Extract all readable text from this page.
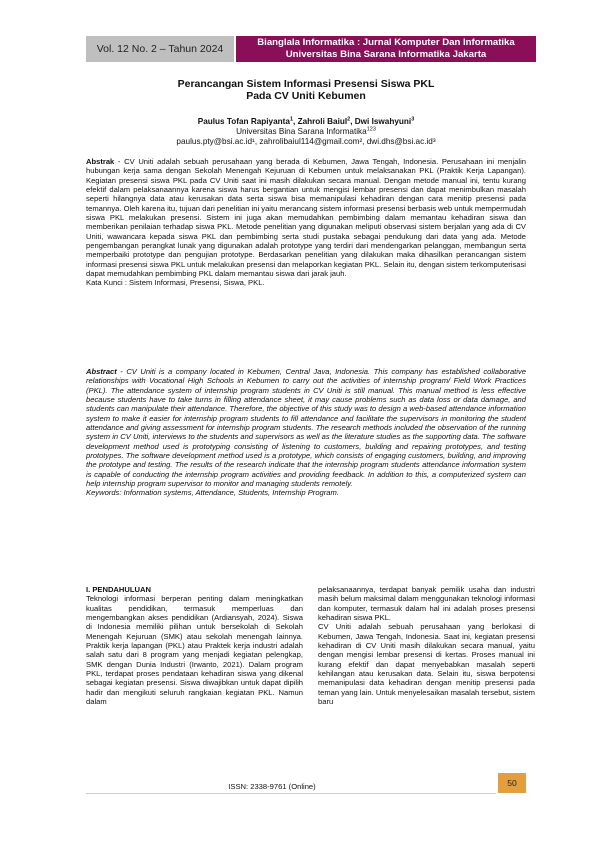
Vol. 12 No. 2 – Tahun 2024
Bianglala Informatika : Jurnal Komputer Dan Informatika
Universitas Bina Sarana Informatika Jakarta
Perancangan Sistem Informasi Presensi Siswa PKL
Pada CV Uniti Kebumen
Paulus Tofan Rapiyanta$^1$, Zahroli Baiul$^2$, Dwi Iswahyuni$^3$
Universitas Bina Sarana Informatika$^{123}$
paulus.pty@bsi.ac.id¹, zahrolibaiul114@gmail.com², dwi.dhs@bsi.ac.id³
Abstrak - CV Uniti adalah sebuah perusahaan yang berada di Kebumen, Jawa Tengah, Indonesia. Perusahaan ini menjalin hubungan kerja sama dengan Sekolah Menengah Kejuruan di Kebumen untuk melaksanakan PKL (Praktik Kerja Lapangan). Kegiatan presensi siswa PKL pada CV Uniti saat ini masih dilakukan secara manual. Dengan metode manual ini, tentu kurang efektif dalam pelaksanaannya karena siswa harus bergantian untuk mengisi lembar presensi dan dapat menimbulkan masalah seperti hilangnya data atau kerusakan data serta siswa bisa memanipulasi kehadiran dengan cara menitip presensi pada temannya. Oleh karena itu, tujuan dari penelitian ini yaitu merancang sistem informasi presensi berbasis web untuk mempermudah siswa PKL melakukan presensi. Sistem ini juga akan memudahkan pembimbing dalam memantau kehadiran siswa dan memberikan penilaian terhadap siswa PKL. Metode penelitian yang digunakan meliputi observasi sistem berjalan yang ada di CV Uniti, wawancara kepada siswa PKL dan pembimbing serta studi pustaka sebagai pendukung dari data yang ada. Metode pengembangan perangkat lunak yang digunakan adalah prototype yang terdiri dari mendengarkan pelanggan, membangun serta memperbaiki prototype dan pengujian prototype. Berdasarkan penelitian yang dilakukan maka dihasilkan perancangan sistem informasi presensi siswa PKL untuk melakukan presensi dan melaporkan kegiatan PKL. Selain itu, dengan sistem terkomputerisasi dapat memudahkan pembimbing PKL dalam memantau siswa dari jarak jauh.
Kata Kunci : Sistem Informasi, Presensi, Siswa, PKL.
Abstract - CV Uniti is a company located in Kebumen, Central Java, Indonesia. This company has established collaborative relationships with Vocational High Schools in Kebumen to carry out the activities of internship program/ Field Work Practices (PKL). The attendance system of internship program students in CV Uniti is still manual. This manual method is less effective because students have to take turns in filling attendance sheet, it may cause problems such as data loss or data damage, and students can manipulate their attendance. Therefore, the objective of this study was to design a web-based attendance information system to make it easier for internship program students to fill attendance and facilitate the supervisors in monitoring the student attendance and giving assessment for internship program students. The research methods included the observation of the running system in CV Uniti, interviews to the students and supervisors as well as the literature studies as the supporting data. The software development method used is prototyping consisting of listening to customers, building and repairing prototypes, and testing prototypes. The software development method used is a prototype, which consists of engaging customers, building, and improving the prototype and testing. The results of the research indicate that the internship program students attendance information system is capable of conducting the internship program activities and providing feedback. In addition to this, a computerized system can help internship program supervisor to monitor and managing students remotely.
Keywords: Information systems, Attendance, Students, Internship Program.
I. PENDAHULUAN
Teknologi informasi berperan penting dalam meningkatkan kualitas pendidikan, termasuk memperluas dan mengembangkan akses pendidikan (Ardiansyah, 2024). Siswa di Indonesia memiliki pilihan untuk bersekolah di Sekolah Menengah Kejuruan (SMK) atau sekolah menengah lainnya. Praktik kerja lapangan (PKL) atau Praktek kerja industri adalah salah satu dari 8 program yang menjadi kegiatan pelengkap, SMK dengan Dunia Industri (Irwanto, 2021). Dalam program PKL, terdapat proses pendataan kehadiran siswa yang dikenal sebagai kegiatan presensi. Siswa diwajibkan untuk dapat dipilih hadir dan mengikuti seluruh rangkaian kegiatan PKL. Namun dalam
pelaksanaannya, terdapat banyak pemilik usaha dan industri masih belum maksimal dalam menggunakan teknologi informasi dan komputer, termasuk dalam hal ini adalah proses presensi kehadiran siswa PKL.
CV Uniti adalah sebuah perusahaan yang berlokasi di Kebumen, Jawa Tengah, Indonesia. Saat ini, kegiatan presensi kehadiran di CV Uniti masih dilakukan secara manual, yaitu dengan mengisi lembar presensi di kertas. Proses manual ini kurang efektif dan dapat menyebabkan masalah seperti kehilangan atau kerusakan data. Selain itu, siswa berpotensi memanipulasi data kehadiran dengan menitip presensi pada teman yang lain. Untuk menyelesaikan masalah tersebut, sistem baru
ISSN: 2338-9761 (Online)	50
